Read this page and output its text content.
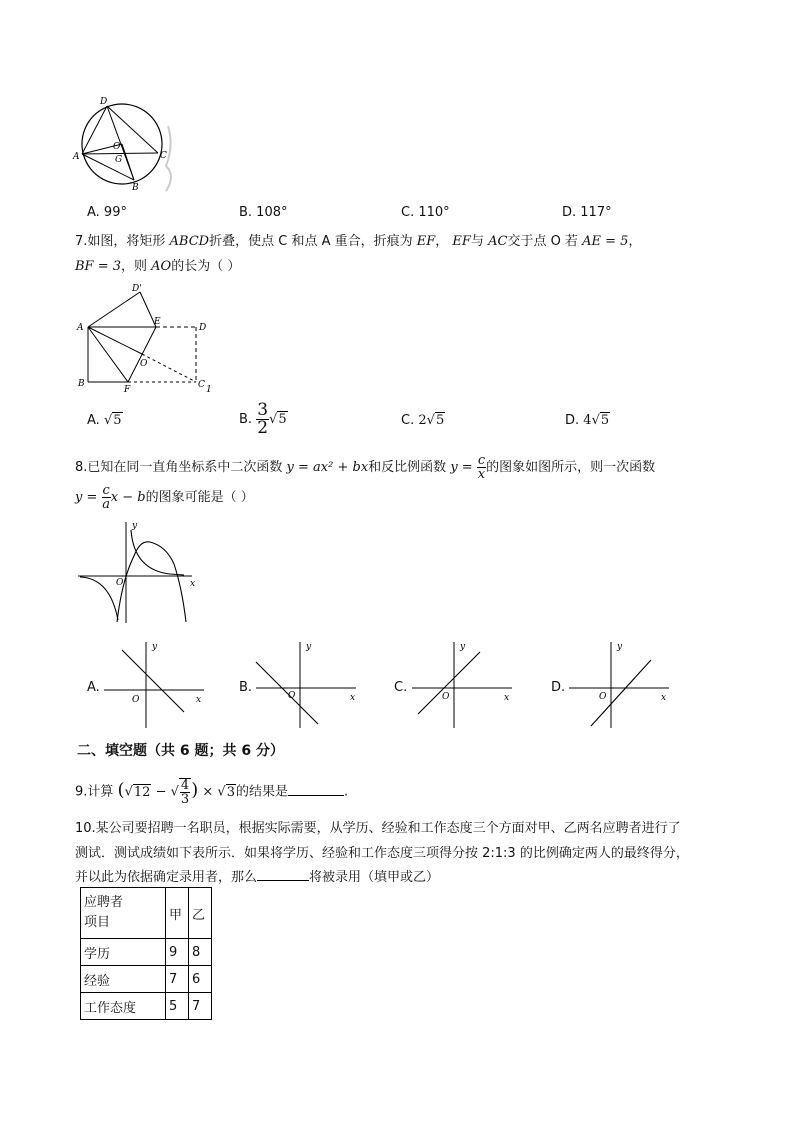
D
A
O
G	C
B
A. 99°	B. 108°	C. 110°	D. 117°
7.如图，将矩形 ABCD折叠，使点 C 和点 A 重合，折痕为 EF， EF与 AC交于点 O 若 AE = 5，
BF = 3，则 AO的长为（ ）
D'
A
E
D
O
B
F	C 1
A. √5	B. $\frac{3}{2} √5$	C. 2√5	D. 4√5
8.已知在同一直角坐标系中二次函数 y = ax² + bx和反比例函数 $y = \frac{c}{x}$ 的图象如图所示，则一次函数
$y = \frac{c}{a}$ x − b的图象可能是（ ）
y
x
O
A.
y
x
O
B.
y
x
O
C.
y
x
O
D.
y
x
O
二、填空题（共 6 题；共 6 分）
9.计算 (√12 − √ $\frac{4}{3}$ ) × √3的结果是	.
10.某公司要招聘一名职员，根据实际需要，从学历、经验和工作态度三个方面对甲、乙两名应聘者进行了
测试．测试成绩如下表所示．如果将学历、经验和工作态度三项得分按 2:1:3 的比例确定两人的最终得分，
并以此为依据确定录用者，那么	将被录用（填甲或乙）
应聘者
项目	甲	乙
学历	9	8
经验	7	6
工作态度	5	7
